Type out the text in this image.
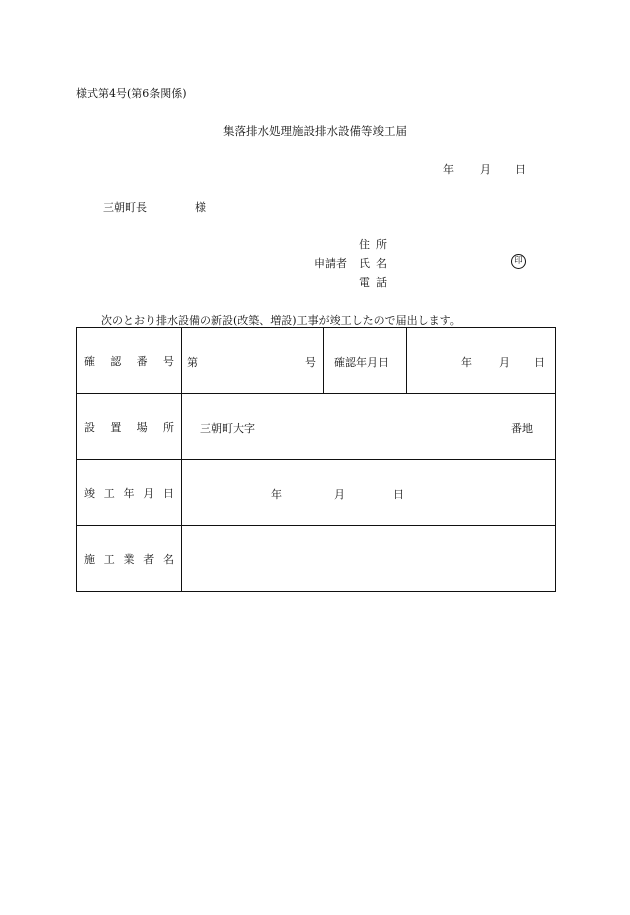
様式第4号(第6条関係)
集落排水処理施設排水設備等竣工届
年 月 日
三朝町長	様
住所
申請者 氏名	印
電話
次のとおり排水設備の新設(改築、増設)工事が竣工したので届出します。
確 認 番 号	第 号	確認年月日	年 月 日

設 置 場 所	三朝町大字 番地		

竣 工 年 月 日	年 月 日		

施 工 業 者 名			
